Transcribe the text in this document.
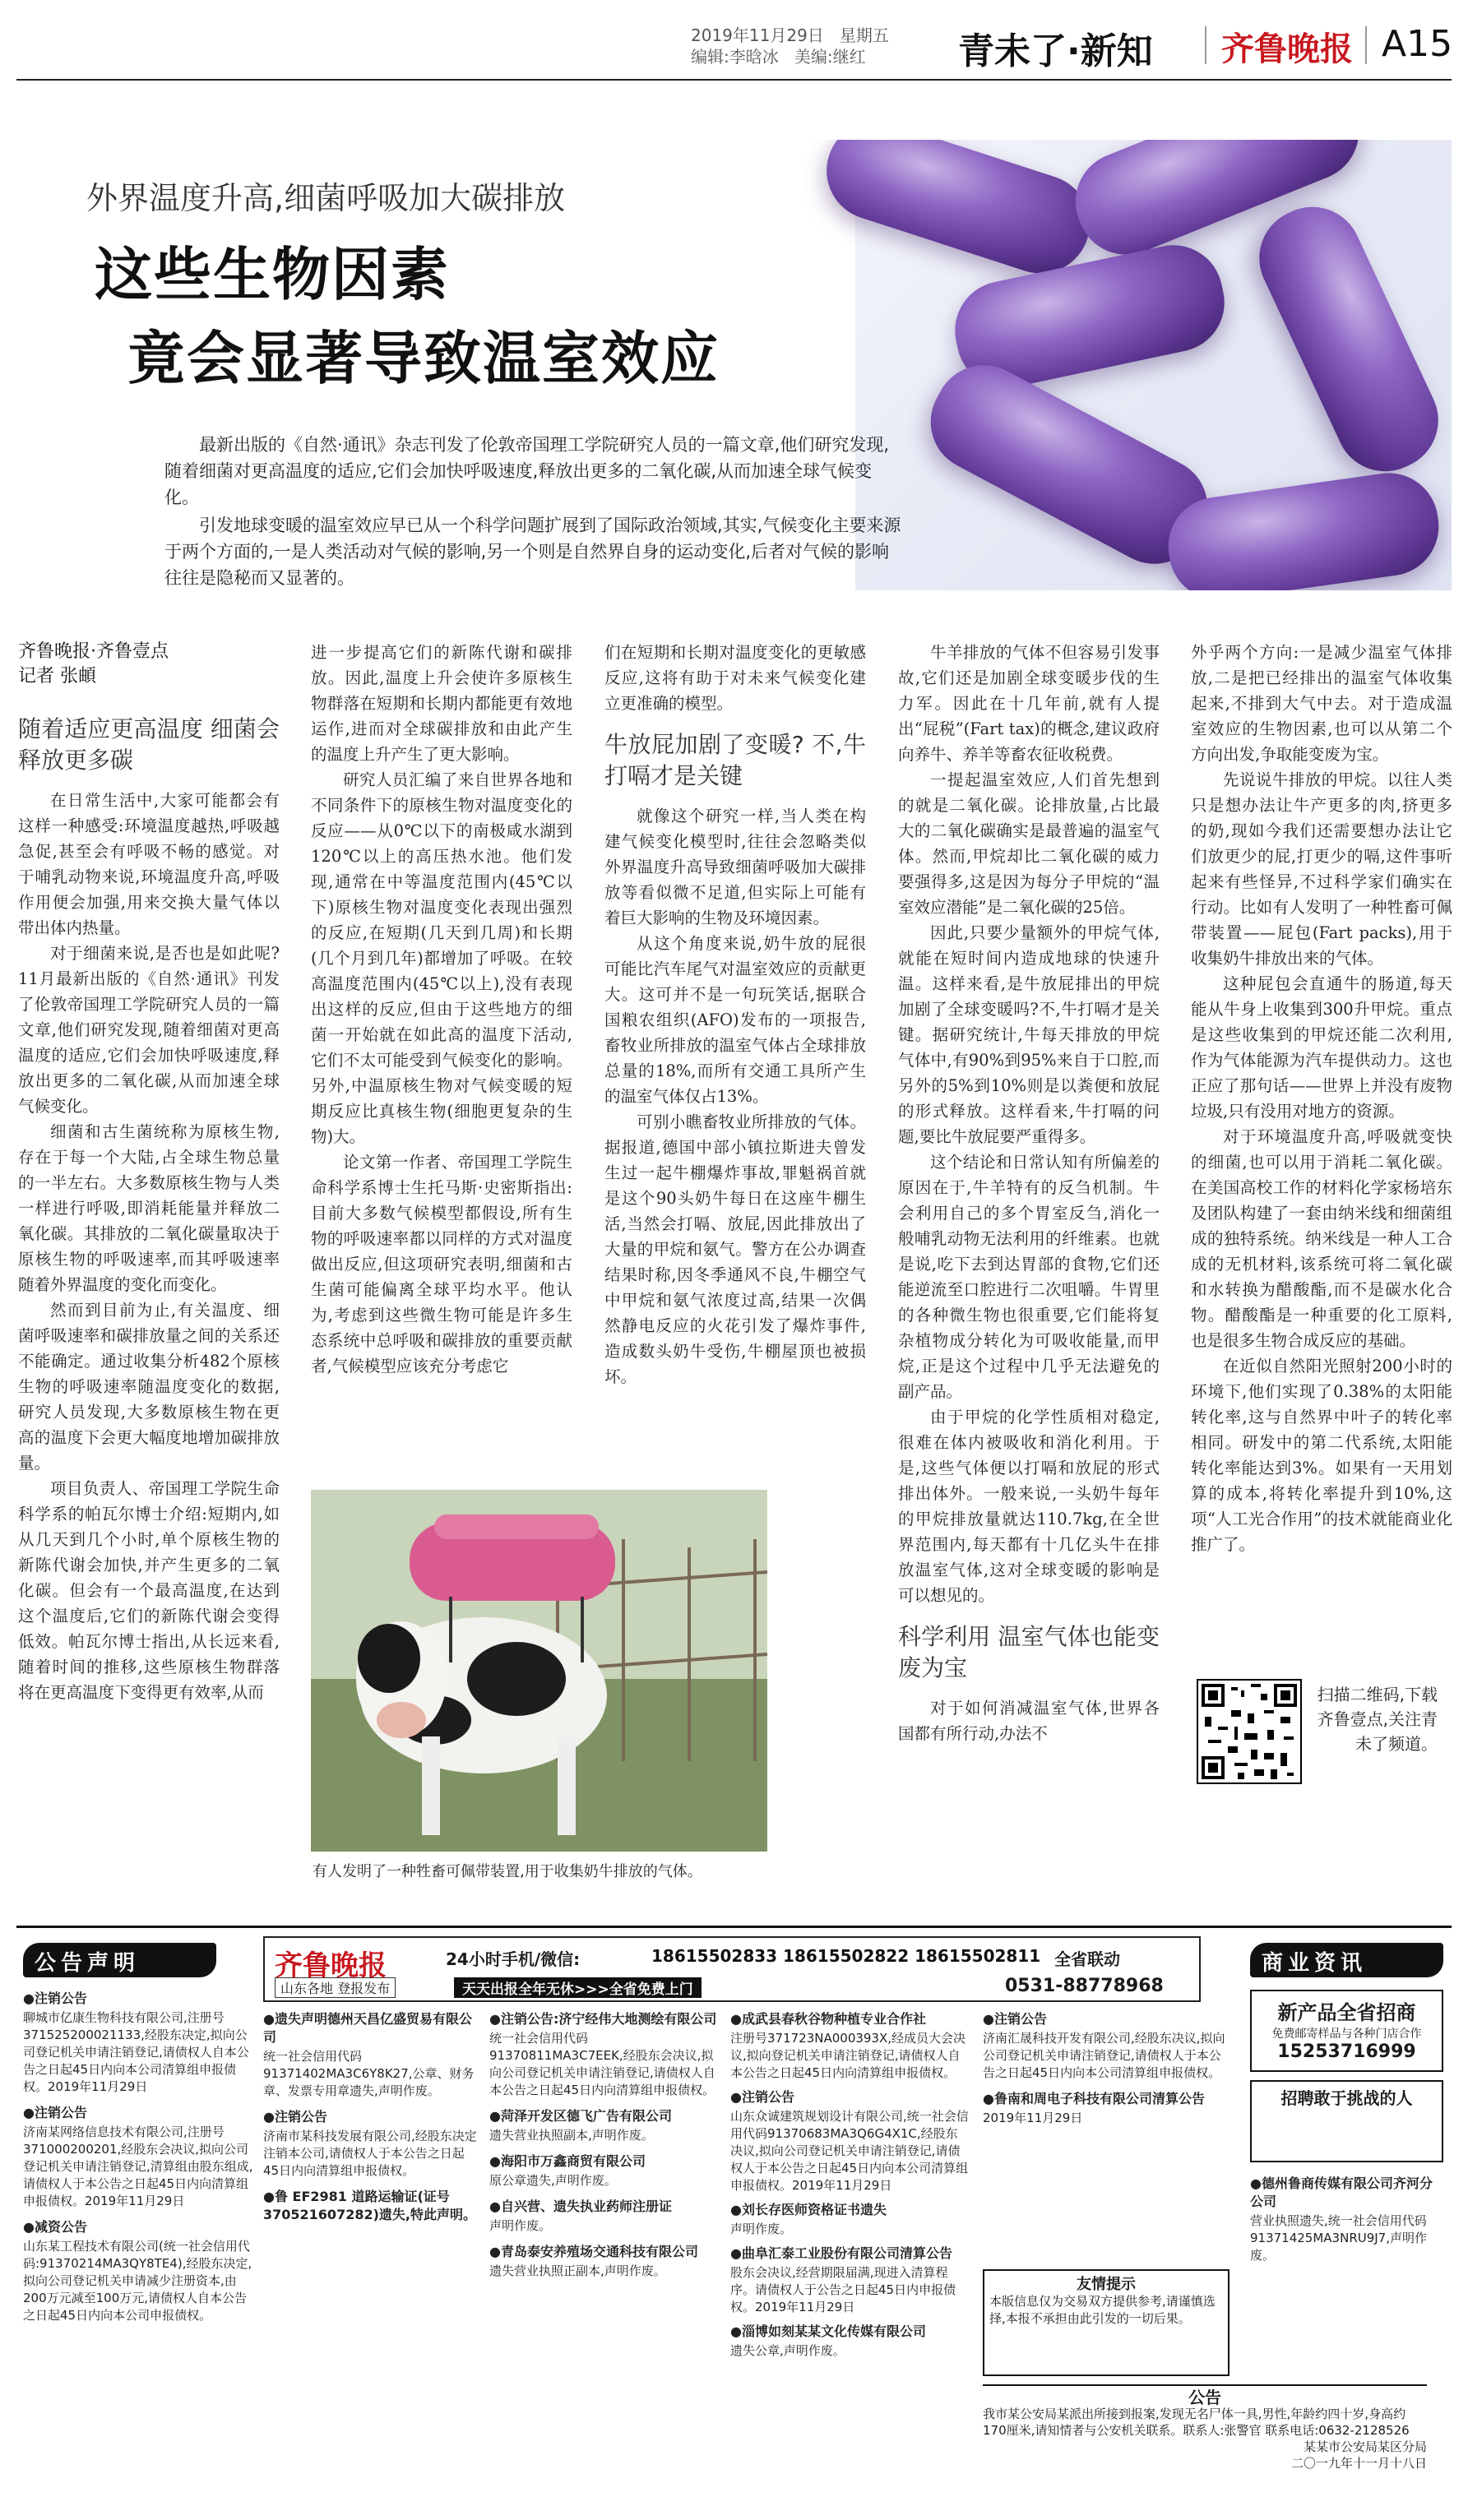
2019年11月29日 星期五
编辑:李晗冰 美编:继红	青未了·新知 齐鲁晚报 A15
外界温度升高,细菌呼吸加大碳排放
这些生物因素
竟会显著导致温室效应

最新出版的《自然·通讯》杂志刊发了伦敦帝国理工学院研究人员的一篇文章,他们研究发现,随着细菌对更高温度的适应,它们会加快呼吸速度,释放出更多的二氧化碳,从而加速全球气候变化。

引发地球变暖的温室效应早已从一个科学问题扩展到了国际政治领域,其实,气候变化主要来源于两个方面的,一是人类活动对气候的影响,另一个则是自然界自身的运动变化,后者对气候的影响往往是隐秘而又显著的。

齐鲁晚报·齐鲁壹点
记者 张頔
随着适应更高温度 细菌会释放更多碳

在日常生活中,大家可能都会有这样一种感受:环境温度越热,呼吸越急促,甚至会有呼吸不畅的感觉。对于哺乳动物来说,环境温度升高,呼吸作用便会加强,用来交换大量气体以带出体内热量。

对于细菌来说,是否也是如此呢?11月最新出版的《自然·通讯》刊发了伦敦帝国理工学院研究人员的一篇文章,他们研究发现,随着细菌对更高温度的适应,它们会加快呼吸速度,释放出更多的二氧化碳,从而加速全球气候变化。

细菌和古生菌统称为原核生物,存在于每一个大陆,占全球生物总量的一半左右。大多数原核生物与人类一样进行呼吸,即消耗能量并释放二氧化碳。其排放的二氧化碳量取决于原核生物的呼吸速率,而其呼吸速率随着外界温度的变化而变化。

然而到目前为止,有关温度、细菌呼吸速率和碳排放量之间的关系还不能确定。通过收集分析482个原核生物的呼吸速率随温度变化的数据,研究人员发现,大多数原核生物在更高的温度下会更大幅度地增加碳排放量。

项目负责人、帝国理工学院生命科学系的帕瓦尔博士介绍:短期内,如从几天到几个小时,单个原核生物的新陈代谢会加快,并产生更多的二氧化碳。但会有一个最高温度,在达到这个温度后,它们的新陈代谢会变得低效。帕瓦尔博士指出,从长远来看,随着时间的推移,这些原核生物群落将在更高温度下变得更有效率,从而

进一步提高它们的新陈代谢和碳排放。因此,温度上升会使许多原核生物群落在短期和长期内都能更有效地运作,进而对全球碳排放和由此产生的温度上升产生了更大影响。

研究人员汇编了来自世界各地和不同条件下的原核生物对温度变化的反应——从0℃以下的南极咸水湖到120℃以上的高压热水池。他们发现,通常在中等温度范围内(45℃以下)原核生物对温度变化表现出强烈的反应,在短期(几天到几周)和长期(几个月到几年)都增加了呼吸。在较高温度范围内(45℃以上),没有表现出这样的反应,但由于这些地方的细菌一开始就在如此高的温度下活动,它们不太可能受到气候变化的影响。另外,中温原核生物对气候变暖的短期反应比真核生物(细胞更复杂的生物)大。

论文第一作者、帝国理工学院生命科学系博士生托马斯·史密斯指出:目前大多数气候模型都假设,所有生物的呼吸速率都以同样的方式对温度做出反应,但这项研究表明,细菌和古生菌可能偏离全球平均水平。他认为,考虑到这些微生物可能是许多生态系统中总呼吸和碳排放的重要贡献者,气候模型应该充分考虑它

们在短期和长期对温度变化的更敏感反应,这将有助于对未来气候变化建立更准确的模型。

牛放屁加剧了变暖? 不,牛打嗝才是关键

就像这个研究一样,当人类在构建气候变化模型时,往往会忽略类似外界温度升高导致细菌呼吸加大碳排放等看似微不足道,但实际上可能有着巨大影响的生物及环境因素。

从这个角度来说,奶牛放的屁很可能比汽车尾气对温室效应的贡献更大。这可并不是一句玩笑话,据联合国粮农组织(AFO)发布的一项报告,畜牧业所排放的温室气体占全球排放总量的18%,而所有交通工具所产生的温室气体仅占13%。

可别小瞧畜牧业所排放的气体。据报道,德国中部小镇拉斯进夫曾发生过一起牛棚爆炸事故,罪魁祸首就是这个90头奶牛每日在这座牛棚生活,当然会打嗝、放屁,因此排放出了大量的甲烷和氨气。警方在公办调查结果时称,因冬季通风不良,牛棚空气中甲烷和氨气浓度过高,结果一次偶然静电反应的火花引发了爆炸事件,造成数头奶牛受伤,牛棚屋顶也被损坏。

有人发明了一种牲畜可佩带装置,用于收集奶牛排放的气体。

牛羊排放的气体不但容易引发事故,它们还是加剧全球变暖步伐的生力军。因此在十几年前,就有人提出“屁税”(Fart tax)的概念,建议政府向养牛、养羊等畜农征收税费。

一提起温室效应,人们首先想到的就是二氧化碳。论排放量,占比最大的二氧化碳确实是最普遍的温室气体。然而,甲烷却比二氧化碳的威力要强得多,这是因为每分子甲烷的“温室效应潜能”是二氧化碳的25倍。

因此,只要少量额外的甲烷气体,就能在短时间内造成地球的快速升温。这样来看,是牛放屁排出的甲烷加剧了全球变暖吗?不,牛打嗝才是关键。据研究统计,牛每天排放的甲烷气体中,有90%到95%来自于口腔,而另外的5%到10%则是以粪便和放屁的形式释放。这样看来,牛打嗝的问题,要比牛放屁要严重得多。

这个结论和日常认知有所偏差的原因在于,牛羊特有的反刍机制。牛会利用自己的多个胃室反刍,消化一般哺乳动物无法利用的纤维素。也就是说,吃下去到达胃部的食物,它们还能逆流至口腔进行二次咀嚼。牛胃里的各种微生物也很重要,它们能将复杂植物成分转化为可吸收能量,而甲烷,正是这个过程中几乎无法避免的副产品。

由于甲烷的化学性质相对稳定,很难在体内被吸收和消化利用。于是,这些气体便以打嗝和放屁的形式排出体外。一般来说,一头奶牛每年的甲烷排放量就达110.7kg,在全世界范围内,每天都有十几亿头牛在排放温室气体,这对全球变暖的影响是可以想见的。

科学利用 温室气体也能变废为宝

对于如何消减温室气体,世界各国都有所行动,办法不

外乎两个方向:一是减少温室气体排放,二是把已经排出的温室气体收集起来,不排到大气中去。对于造成温室效应的生物因素,也可以从第二个方向出发,争取能变废为宝。

先说说牛排放的甲烷。以往人类只是想办法让牛产更多的肉,挤更多的奶,现如今我们还需要想办法让它们放更少的屁,打更少的嗝,这件事听起来有些怪异,不过科学家们确实在行动。比如有人发明了一种牲畜可佩带装置——屁包(Fart packs),用于收集奶牛排放出来的气体。

这种屁包会直通牛的肠道,每天能从牛身上收集到300升甲烷。重点是这些收集到的甲烷还能二次利用,作为气体能源为汽车提供动力。这也正应了那句话——世界上并没有废物垃圾,只有没用对地方的资源。

对于环境温度升高,呼吸就变快的细菌,也可以用于消耗二氧化碳。在美国高校工作的材料化学家杨培东及团队构建了一套由纳米线和细菌组成的独特系统。纳米线是一种人工合成的无机材料,该系统可将二氧化碳和水转换为醋酸酯,而不是碳水化合物。醋酸酯是一种重要的化工原料,也是很多生物合成反应的基础。

在近似自然阳光照射200小时的环境下,他们实现了0.38%的太阳能转化率,这与自然界中叶子的转化率相同。研发中的第二代系统,太阳能转化率能达到3%。如果有一天用划算的成本,将转化率提升到10%,这项“人工光合作用”的技术就能商业化推广了。

扫描二维码,下载齐鲁壹点,关注青未了频道。
公告声明	齐鲁晚报	24小时手机/微信:	18615502833 18615502822 18615502811 全省联动
山东各地 登报发布	天天出报全年无休>>>全省免费上门	0531-88778968
商业资讯

●注销公告

聊城市亿康生物科技有限公司,注册号371525200021133,经股东决定,拟向公司登记机关申请注销登记,请债权人自本公告之日起45日内向本公司清算组申报债权。2019年11月29日

●注销公告

济南某网络信息技术有限公司,注册号371000200201,经股东会决议,拟向公司登记机关申请注销登记,清算组由股东组成,请债权人于本公告之日起45日内向清算组申报债权。2019年11月29日

●减资公告

山东某工程技术有限公司(统一社会信用代码:91370214MA3QY8TE4),经股东决定,拟向公司登记机关申请减少注册资本,由200万元减至100万元,请债权人自本公告之日起45日内向本公司申报债权。

●遗失声明德州天昌亿盛贸易有限公司

统一社会信用代码91371402MA3C6Y8K27,公章、财务章、发票专用章遗失,声明作废。

●注销公告

济南市某科技发展有限公司,经股东决定注销本公司,请债权人于本公告之日起45日内向清算组申报债权。

●鲁 EF2981 道路运输证(证号370521607282)遗失,特此声明。

●注销公告:济宁经伟大地测绘有限公司

统一社会信用代码91370811MA3C7EEK,经股东会决议,拟向公司登记机关申请注销登记,请债权人自本公告之日起45日内向清算组申报债权。

●菏泽开发区德飞广告有限公司

遗失营业执照副本,声明作废。

●海阳市万鑫商贸有限公司

原公章遗失,声明作废。

●自兴营、遗失执业药师注册证

声明作废。

●青岛泰安养殖场交通科技有限公司

遗失营业执照正副本,声明作废。

●成武县春秋谷物种植专业合作社

注册号371723NA000393X,经成员大会决议,拟向登记机关申请注销登记,请债权人自本公告之日起45日内向清算组申报债权。

●注销公告

山东众诚建筑规划设计有限公司,统一社会信用代码91370683MA3Q6G4X1C,经股东决议,拟向公司登记机关申请注销登记,请债权人于本公告之日起45日内向本公司清算组申报债权。2019年11月29日

●刘长存医师资格证书遗失

声明作废。

●曲阜汇泰工业股份有限公司清算公告

股东会决议,经营期限届满,现进入清算程序。请债权人于公告之日起45日内申报债权。2019年11月29日

●淄博如刻某某文化传媒有限公司

遗失公章,声明作废。

●注销公告

济南汇晟科技开发有限公司,经股东决议,拟向公司登记机关申请注销登记,请债权人于本公告之日起45日内向本公司清算组申报债权。

●鲁南和周电子科技有限公司清算公告

2019年11月29日

友情提示
本版信息仅为交易双方提供参考,请谨慎选择,本报不承担由此引发的一切后果。
公告
我市某公安局某派出所接到报案,发现无名尸体一具,男性,年龄约四十岁,身高约170厘米,请知情者与公安机关联系。联系人:张警官 联系电话:0632-2128526
某某市公安局某区分局
二〇一九年十一月十八日
新产品全省招商
免费邮寄样品与各种门店合作
15253716999
招聘敢于挑战的人

●德州鲁商传媒有限公司齐河分公司

营业执照遗失,统一社会信用代码91371425MA3NRU9J7,声明作废。
